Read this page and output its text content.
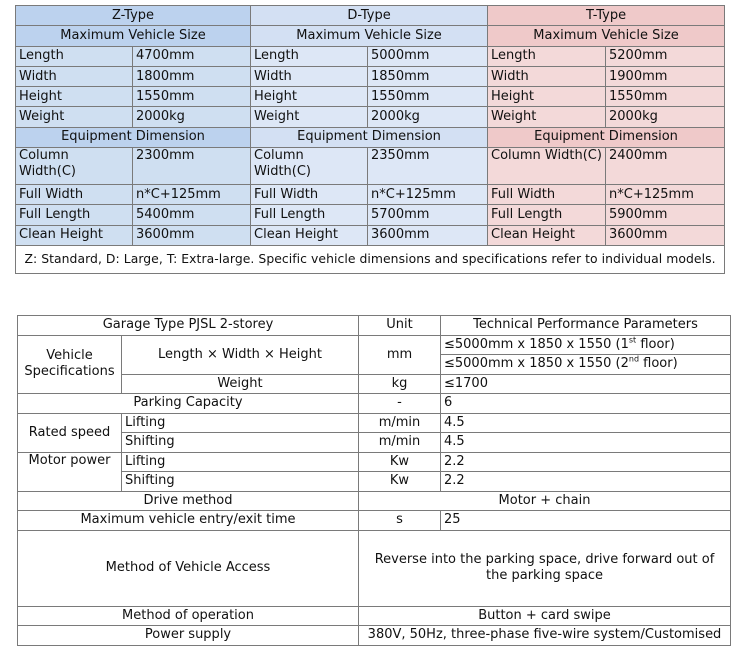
Z-Type		D-Type		T-Type	
Maximum Vehicle Size		Maximum Vehicle Size		Maximum Vehicle Size	
Length	4700mm	Length	5000mm	Length	5200mm
Width	1800mm	Width	1850mm	Width	1900mm
Height	1550mm	Height	1550mm	Height	1550mm
Weight	2000kg	Weight	2000kg	Weight	2000kg
Equipment Dimension		Equipment Dimension		Equipment Dimension	
Column Width(C)	2300mm	Column Width(C)	2350mm	Column Width(C)	2400mm
Full Width	n*C+125mm	Full Width	n*C+125mm	Full Width	n*C+125mm
Full Length	5400mm	Full Length	5700mm	Full Length	5900mm
Clean Height	3600mm	Clean Height	3600mm	Clean Height	3600mm
Z: Standard, D: Large, T: Extra-large. Specific vehicle dimensions and specifications refer to individual models.					
Garage Type PJSL 2-storey		Unit	Technical Performance Parameters
Vehicle Specifications	Length × Width × Height	mm	≤5000mm x 1850 x 1550 (1st floor)
			≤5000mm x 1850 x 1550 (2nd floor)
	Weight	kg	≤1700
Parking Capacity		-	6
Rated speed	Lifting	m/min	4.5
	Shifting	m/min	4.5
Motor power	Lifting	Kw	2.2
	Shifting	Kw	2.2
Drive method		Motor + chain	
Maximum vehicle entry/exit time		s	25
Method of Vehicle Access		Reverse into the parking space, drive forward out of the parking space	
Method of operation		Button + card swipe	
Power supply		380V, 50Hz, three-phase five-wire system/Customised	
